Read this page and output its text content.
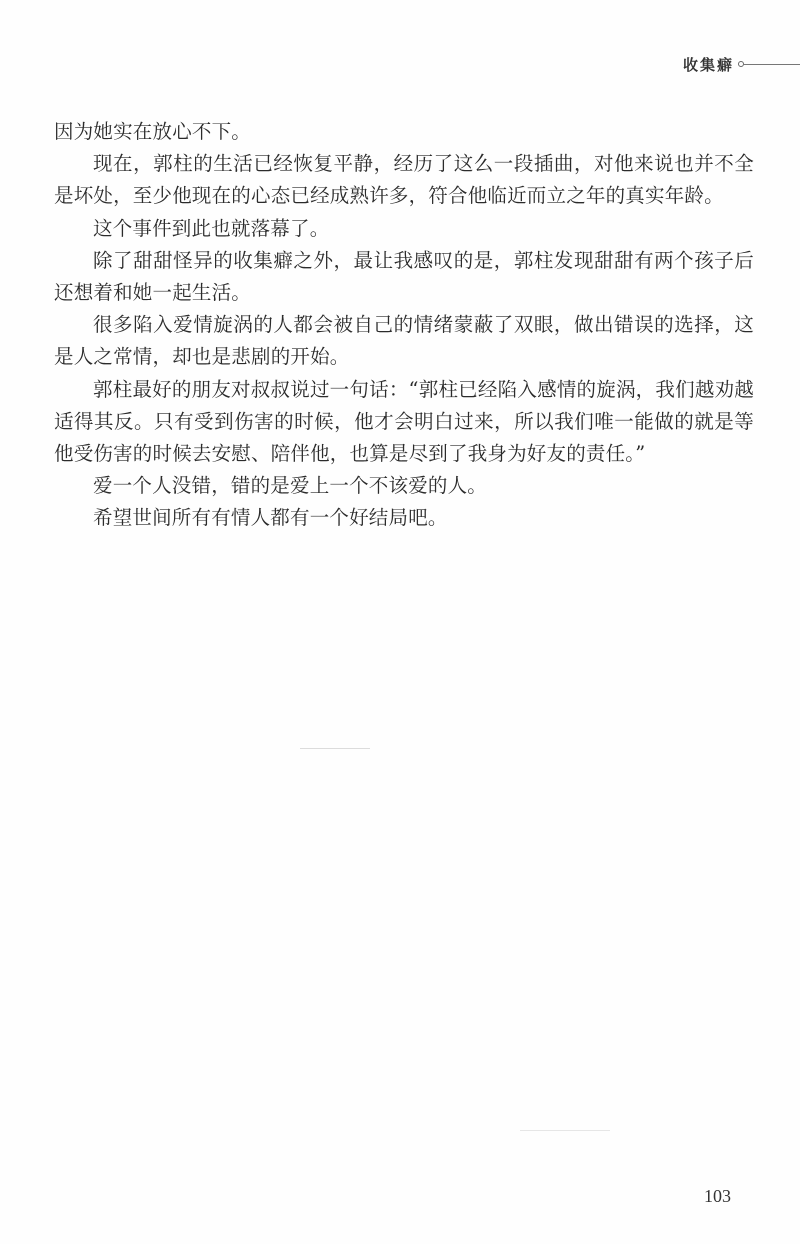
收集癖

因为她实在放心不下。

现在，郭柱的生活已经恢复平静，经历了这么一段插曲，对他来说也并不全是坏处，至少他现在的心态已经成熟许多，符合他临近而立之年的真实年龄。

这个事件到此也就落幕了。

除了甜甜怪异的收集癖之外，最让我感叹的是，郭柱发现甜甜有两个孩子后还想着和她一起生活。

很多陷入爱情旋涡的人都会被自己的情绪蒙蔽了双眼，做出错误的选择，这是人之常情，却也是悲剧的开始。

郭柱最好的朋友对叔叔说过一句话：“郭柱已经陷入感情的旋涡，我们越劝越适得其反。只有受到伤害的时候，他才会明白过来，所以我们唯一能做的就是等他受伤害的时候去安慰、陪伴他，也算是尽到了我身为好友的责任。”

爱一个人没错，错的是爱上一个不该爱的人。

希望世间所有有情人都有一个好结局吧。

103
